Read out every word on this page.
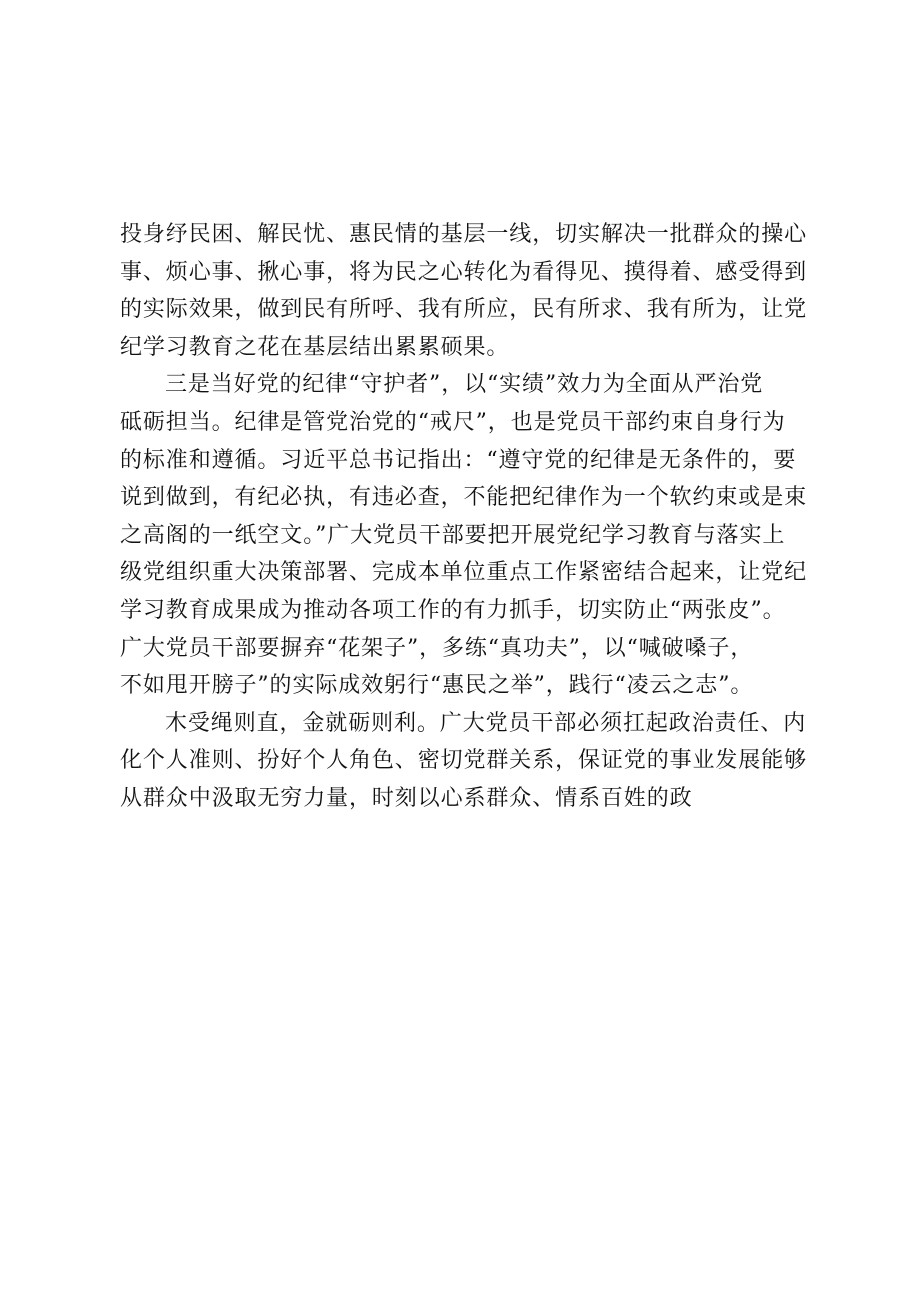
投身纾民困、解民忧、惠民情的基层一线，切实解决一批群众的操心
事、烦心事、揪心事，将为民之心转化为看得见、摸得着、感受得到
的实际效果，做到民有所呼、我有所应，民有所求、我有所为，让党
纪学习教育之花在基层结出累累硕果。
三是当好党的纪律“守护者”，以“实绩”效力为全面从严治党
砥砺担当。纪律是管党治党的“戒尺”，也是党员干部约束自身行为
的标准和遵循。习近平总书记指出：“遵守党的纪律是无条件的，要
说到做到，有纪必执，有违必查，不能把纪律作为一个软约束或是束
之高阁的一纸空文。”广大党员干部要把开展党纪学习教育与落实上
级党组织重大决策部署、完成本单位重点工作紧密结合起来，让党纪
学习教育成果成为推动各项工作的有力抓手，切实防止“两张皮”。
广大党员干部要摒弃“花架子”，多练“真功夫”，以“喊破嗓子，
不如甩开膀子”的实际成效躬行“惠民之举”，践行“凌云之志”。
木受绳则直，金就砺则利。广大党员干部必须扛起政治责任、内
化个人准则、扮好个人角色、密切党群关系，保证党的事业发展能够
从群众中汲取无穷力量，时刻以心系群众、情系百姓的政
